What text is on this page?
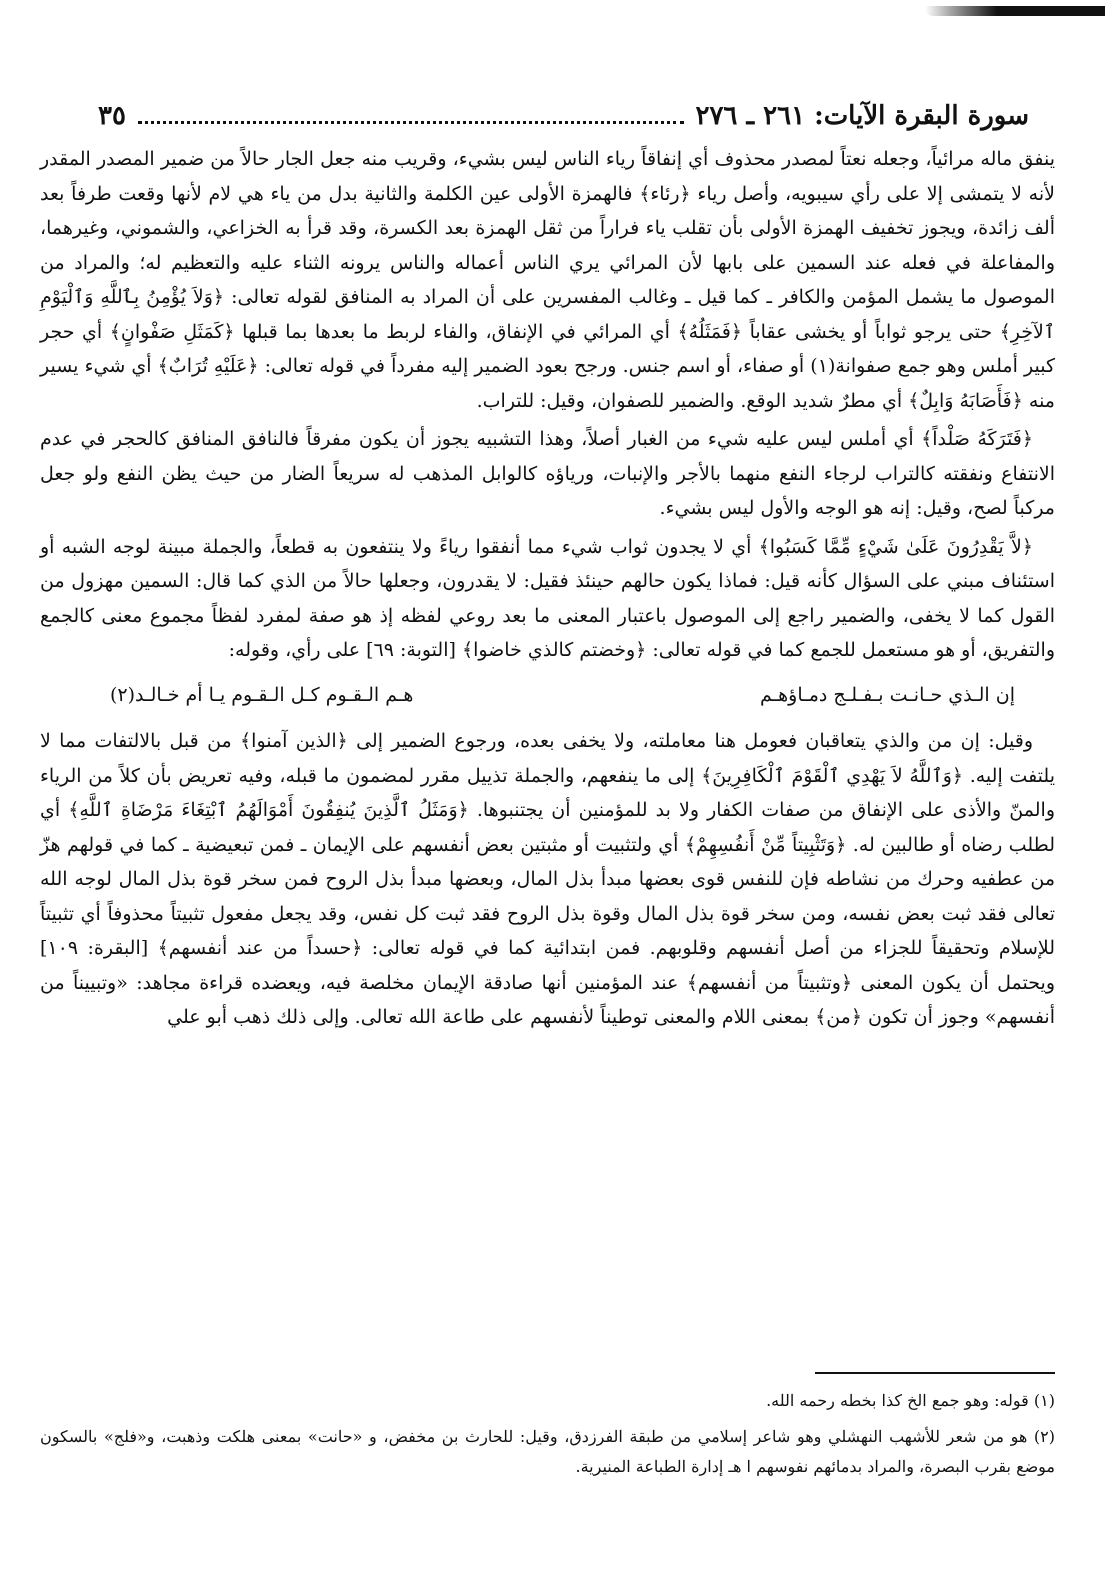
سورة البقرة الآيات: ٢٦١ ـ ٢٧٦
٣٥

ينفق ماله مرائياً، وجعله نعتاً لمصدر محذوف أي إنفاقاً رياء الناس ليس بشيء، وقريب منه جعل الجار حالاً من ضمير المصدر المقدر لأنه لا يتمشى إلا على رأي سيبويه، وأصل رياء ﴿رئاء﴾ فالهمزة الأولى عين الكلمة والثانية بدل من ياء هي لام لأنها وقعت طرفاً بعد ألف زائدة، ويجوز تخفيف الهمزة الأولى بأن تقلب ياء فراراً من ثقل الهمزة بعد الكسرة، وقد قرأ به الخزاعي، والشموني، وغيرهما، والمفاعلة في فعله عند السمين على بابها لأن المرائي يري الناس أعماله والناس يرونه الثناء عليه والتعظيم له؛ والمراد من الموصول ما يشمل المؤمن والكافر ـ كما قيل ـ وغالب المفسرين على أن المراد به المنافق لقوله تعالى: ﴿وَلاَ يُؤْمِنُ بِٱللَّهِ وَٱلْيَوْمِ ٱلآخِرِ﴾ حتى يرجو ثواباً أو يخشى عقاباً ﴿فَمَثَلُهُ﴾ أي المرائي في الإنفاق، والفاء لربط ما بعدها بما قبلها ﴿كَمَثَلِ صَفْوانٍ﴾ أي حجر كبير أملس وهو جمع صفوانة(١) أو صفاء، أو اسم جنس. ورجح بعود الضمير إليه مفرداً في قوله تعالى: ﴿عَلَيْهِ تُرَابٌ﴾ أي شيء يسير منه ﴿فَأَصَابَهُ وَابِلٌ﴾ أي مطرٌ شديد الوقع. والضمير للصفوان، وقيل: للتراب.

﴿فَتَرَكَهُ صَلْداً﴾ أي أملس ليس عليه شيء من الغبار أصلاً، وهذا التشبيه يجوز أن يكون مفرقاً فالنافق المنافق كالحجر في عدم الانتفاع ونفقته كالتراب لرجاء النفع منهما بالأجر والإنبات، ورياؤه كالوابل المذهب له سريعاً الضار من حيث يظن النفع ولو جعل مركباً لصح، وقيل: إنه هو الوجه والأول ليس بشيء.

﴿لاَّ يَقْدِرُونَ عَلَىٰ شَيْءٍ مِّمَّا كَسَبُوا﴾ أي لا يجدون ثواب شيء مما أنفقوا رياءً ولا ينتفعون به قطعاً، والجملة مبينة لوجه الشبه أو استئناف مبني على السؤال كأنه قيل: فماذا يكون حالهم حينئذ فقيل: لا يقدرون، وجعلها حالاً من الذي كما قال: السمين مهزول من القول كما لا يخفى، والضمير راجع إلى الموصول باعتبار المعنى ما بعد روعي لفظه إذ هو صفة لمفرد لفظاً مجموع معنى كالجمع والتفريق، أو هو مستعمل للجمع كما في قوله تعالى: ﴿وخضتم كالذي خاضوا﴾ [التوبة: ٦٩] على رأي، وقوله:

إن الـذي حـانـت بـفـلـج دمـاؤهـم
هـم الـقـوم كـل الـقـوم يـا أم خـالـد(٢)

وقيل: إن من والذي يتعاقبان فعومل هنا معاملته، ولا يخفى بعده، ورجوع الضمير إلى ﴿الذين آمنوا﴾ من قبل بالالتفات مما لا يلتفت إليه. ﴿وَٱللَّهُ لاَ يَهْدِي ٱلْقَوْمَ ٱلْكَافِرِينَ﴾ إلى ما ينفعهم، والجملة تذييل مقرر لمضمون ما قبله، وفيه تعريض بأن كلاً من الرياء والمنّ والأذى على الإنفاق من صفات الكفار ولا بد للمؤمنين أن يجتنبوها. ﴿وَمَثَلُ ٱلَّذِينَ يُنفِقُونَ أَمْوَالَهُمُ ٱبْتِغَاءَ مَرْضَاةِ ٱللَّهِ﴾ أي لطلب رضاه أو طالبين له. ﴿وَتَثْبِيتاً مِّنْ أَنفُسِهِمْ﴾ أي ولتثبيت أو مثبتين بعض أنفسهم على الإيمان ـ فمن تبعيضية ـ كما في قولهم هزّ من عطفيه وحرك من نشاطه فإن للنفس قوى بعضها مبدأ بذل المال، وبعضها مبدأ بذل الروح فمن سخر قوة بذل المال لوجه الله تعالى فقد ثبت بعض نفسه، ومن سخر قوة بذل المال وقوة بذل الروح فقد ثبت كل نفس، وقد يجعل مفعول تثبيتاً محذوفاً أي تثبيتاً للإسلام وتحقيقاً للجزاء من أصل أنفسهم وقلوبهم. فمن ابتدائية كما في قوله تعالى: ﴿حسداً من عند أنفسهم﴾ [البقرة: ١٠٩] ويحتمل أن يكون المعنى ﴿وتثبيتاً من أنفسهم﴾ عند المؤمنين أنها صادقة الإيمان مخلصة فيه، ويعضده قراءة مجاهد: «وتبييناً من أنفسهم» وجوز أن تكون ﴿من﴾ بمعنى اللام والمعنى توطيناً لأنفسهم على طاعة الله تعالى. وإلى ذلك ذهب أبو علي

(١) قوله: وهو جمع الخ كذا بخطه رحمه الله.

(٢) هو من شعر للأشهب النهشلي وهو شاعر إسلامي من طبقة الفرزدق، وقيل: للحارث بن مخفض، و «حانت» بمعنى هلكت وذهبت، و«فلج» بالسكون موضع بقرب البصرة، والمراد بدمائهم نفوسهم ا هـ إدارة الطباعة المنيرية.
